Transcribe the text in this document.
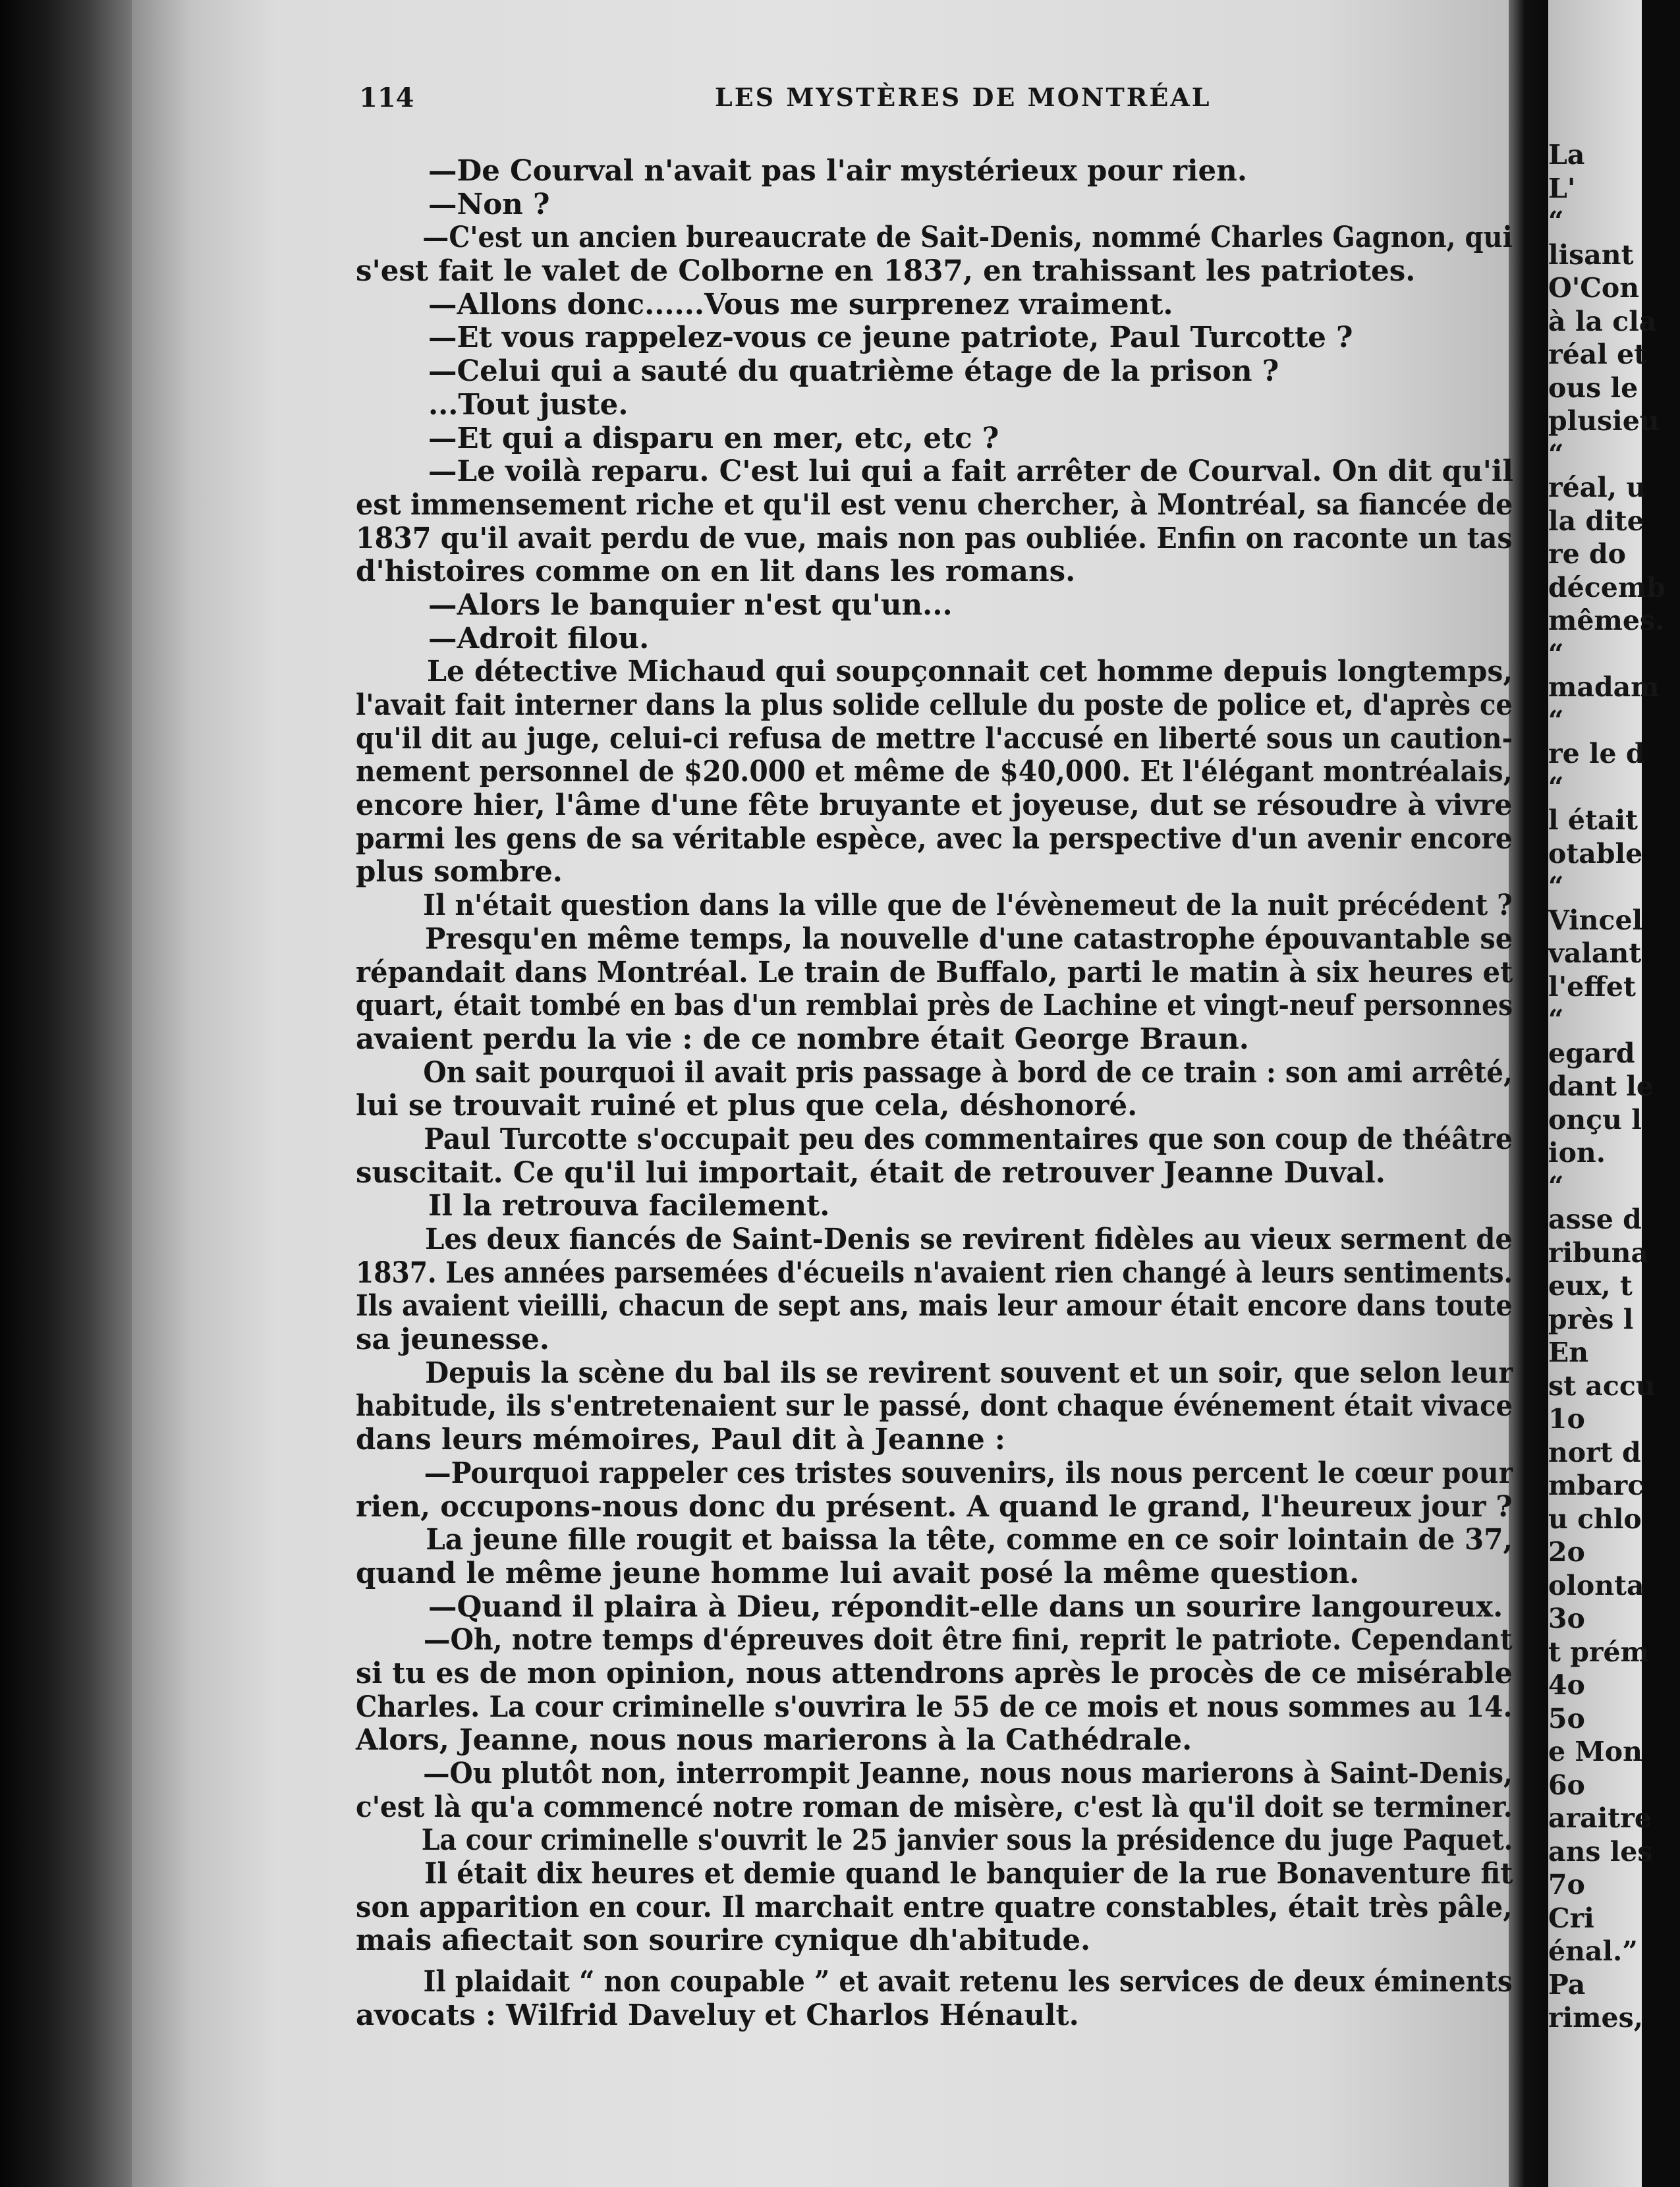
La
L'
“
lisant
O'Con
à la cla
réal et
ous le
plusieu
“
réal, u
la dite
re do
décemb
mêmes.
“
madam
“
re le d
“
l était
otable
“
Vincel
valant
l'effet
“
egard
dant le
onçu l
ion.
“
asse d
ribuna
eux, t
près l
En
st accu
1o
nort d
mbarc
u chlo
2o
olonta
3o
t prém
4o
5o
e Mon
6o
araitre
ans les
7o
Cri
énal.”
Pa
rimes,
114	LES MYSTÈRES DE MONTRÉAL
—De Courval n'avait pas l'air mystérieux pour rien.
—Non ?
—C'est un ancien bureaucrate de Sait-Denis, nommé Charles Gagnon, qui
s'est fait le valet de Colborne en 1837, en trahissant les patriotes.
—Allons donc......Vous me surprenez vraiment.
—Et vous rappelez-vous ce jeune patriote, Paul Turcotte ?
—Celui qui a sauté du quatrième étage de la prison ?
...Tout juste.
—Et qui a disparu en mer, etc, etc ?
—Le voilà reparu. C'est lui qui a fait arrêter de Courval. On dit qu'il
est immensement riche et qu'il est venu chercher, à Montréal, sa fiancée de
1837 qu'il avait perdu de vue, mais non pas oubliée. Enfin on raconte un tas
d'histoires comme on en lit dans les romans.
—Alors le banquier n'est qu'un...
—Adroit filou.
Le détective Michaud qui soupçonnait cet homme depuis longtemps,
l'avait fait interner dans la plus solide cellule du poste de police et, d'après ce
qu'il dit au juge, celui-ci refusa de mettre l'accusé en liberté sous un caution-
nement personnel de $20.000 et même de $40,000. Et l'élégant montréalais,
encore hier, l'âme d'une fête bruyante et joyeuse, dut se résoudre à vivre
parmi les gens de sa véritable espèce, avec la perspective d'un avenir encore
plus sombre.
Il n'était question dans la ville que de l'évènemeut de la nuit précédent ?
Presqu'en même temps, la nouvelle d'une catastrophe épouvantable se
répandait dans Montréal. Le train de Buffalo, parti le matin à six heures et
quart, était tombé en bas d'un remblai près de Lachine et vingt-neuf personnes
avaient perdu la vie : de ce nombre était George Braun.
On sait pourquoi il avait pris passage à bord de ce train : son ami arrêté,
lui se trouvait ruiné et plus que cela, déshonoré.
Paul Turcotte s'occupait peu des commentaires que son coup de théâtre
suscitait. Ce qu'il lui importait, était de retrouver Jeanne Duval.
Il la retrouva facilement.
Les deux fiancés de Saint-Denis se revirent fidèles au vieux serment de
1837. Les années parsemées d'écueils n'avaient rien changé à leurs sentiments.
Ils avaient vieilli, chacun de sept ans, mais leur amour était encore dans toute
sa jeunesse.
Depuis la scène du bal ils se revirent souvent et un soir, que selon leur
habitude, ils s'entretenaient sur le passé, dont chaque événement était vivace
dans leurs mémoires, Paul dit à Jeanne :
—Pourquoi rappeler ces tristes souvenirs, ils nous percent le cœur pour
rien, occupons-nous donc du présent. A quand le grand, l'heureux jour ?
La jeune fille rougit et baissa la tête, comme en ce soir lointain de 37,
quand le même jeune homme lui avait posé la même question.
—Quand il plaira à Dieu, répondit-elle dans un sourire langoureux.
—Oh, notre temps d'épreuves doit être fini, reprit le patriote. Cependant
si tu es de mon opinion, nous attendrons après le procès de ce misérable
Charles. La cour criminelle s'ouvrira le 55 de ce mois et nous sommes au 14.
Alors, Jeanne, nous nous marierons à la Cathédrale.
—Ou plutôt non, interrompit Jeanne, nous nous marierons à Saint-Denis,
c'est là qu'a commencé notre roman de misère, c'est là qu'il doit se terminer.
La cour criminelle s'ouvrit le 25 janvier sous la présidence du juge Paquet.
Il était dix heures et demie quand le banquier de la rue Bonaventure fit
son apparition en cour. Il marchait entre quatre constables, était très pâle,
mais afiectait son sourire cynique dh'abitude.
Il plaidait “ non coupable ” et avait retenu les services de deux éminents
avocats : Wilfrid Daveluy et Charlos Hénault.
